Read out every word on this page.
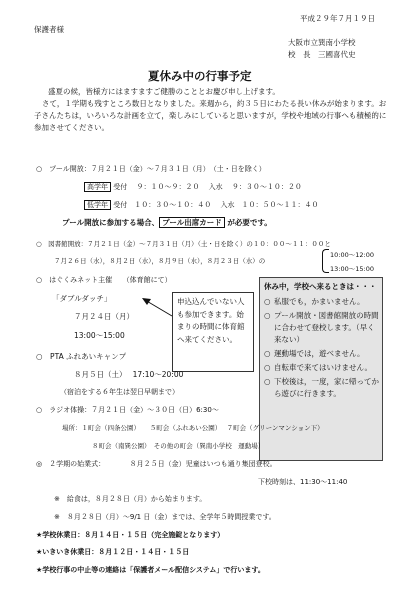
平成２９年７月１９日
保護者様
大阪市立巽南小学校
校　長　三國喜代史
夏休み中の行事予定
盛夏の候，皆様方にはますますご健勝のこととお慶び申し上げます。
さて，１学期も残すところ数日となりました。来週から，約３５日にわたる長い休みが始まります。お子さんたちは，いろいろな計画を立て，楽しみにしていると思いますが，学校や地域の行事へも積極的に参加させてください。
○　プール開放：７月２１日（金）～７月３１日（月）　（土・日を除く）
高学年 受付　 ９：１０～９：２０　 入水　 ９：３０～１０：２０
低学年 受付　１０：３０～１０：４０　 入水　１０：５０～１１：４０
プール開放に参加する場合、 プール出席カード が必要です。
○　図書館開放：７月２１日（金）～７月３１日（月）（土・日を除く）の１０：００～１１：００と
７月２６日（水），８月２日（水），８月９日（水），８月２３日（水）の
10:00～12:00
13:00～15:00
○　はぐくみネット主催　　（体育館にて）
「ダブルダッチ」
７月２４日（月）
13:00～15:00
申込込んでいない人も参加できます。始まりの時間に体育館へ来てください。
休み中，学校へ来るときは・・・
○ 私服でも，かまいません。
○ プール開放・図書館開放の時間に合わせて登校します。（早く来ない）
○ 運動場では，遊べません。
○ 自転車で来てはいけません。
○ 下校後は，一度，家に帰ってから遊びに行きます。
○　PTA ふれあいキャンプ
８月５日（土）　 17:10～20:00
（宿泊をする６年生は翌日早朝まで）
○　ラジオ体操：７月２１日（金）～３０日（日）6:30～
場所：１町会（四条公園）　　５町会（ふれあい公園）　 ７町会（グリーンマンション下）
８町会（南巽公園）　その他の町会（巽南小学校　運動場）
◎　２学期の始業式：　　　　８月２５日（金）児童はいつも通り集団登校。
下校時刻は、11:30～11:40
※　給食は，８月２８日（月）から始まります。
※　８月２８日（月）～9/1 日（金）までは、全学年５時間授業です。
★学校休業日：８月１４日・１５日（完全施錠となります）
★いきいき休業日：８月１２日・１４日・１５日
★学校行事の中止等の連絡は「保護者メール配信システム」で行います。
